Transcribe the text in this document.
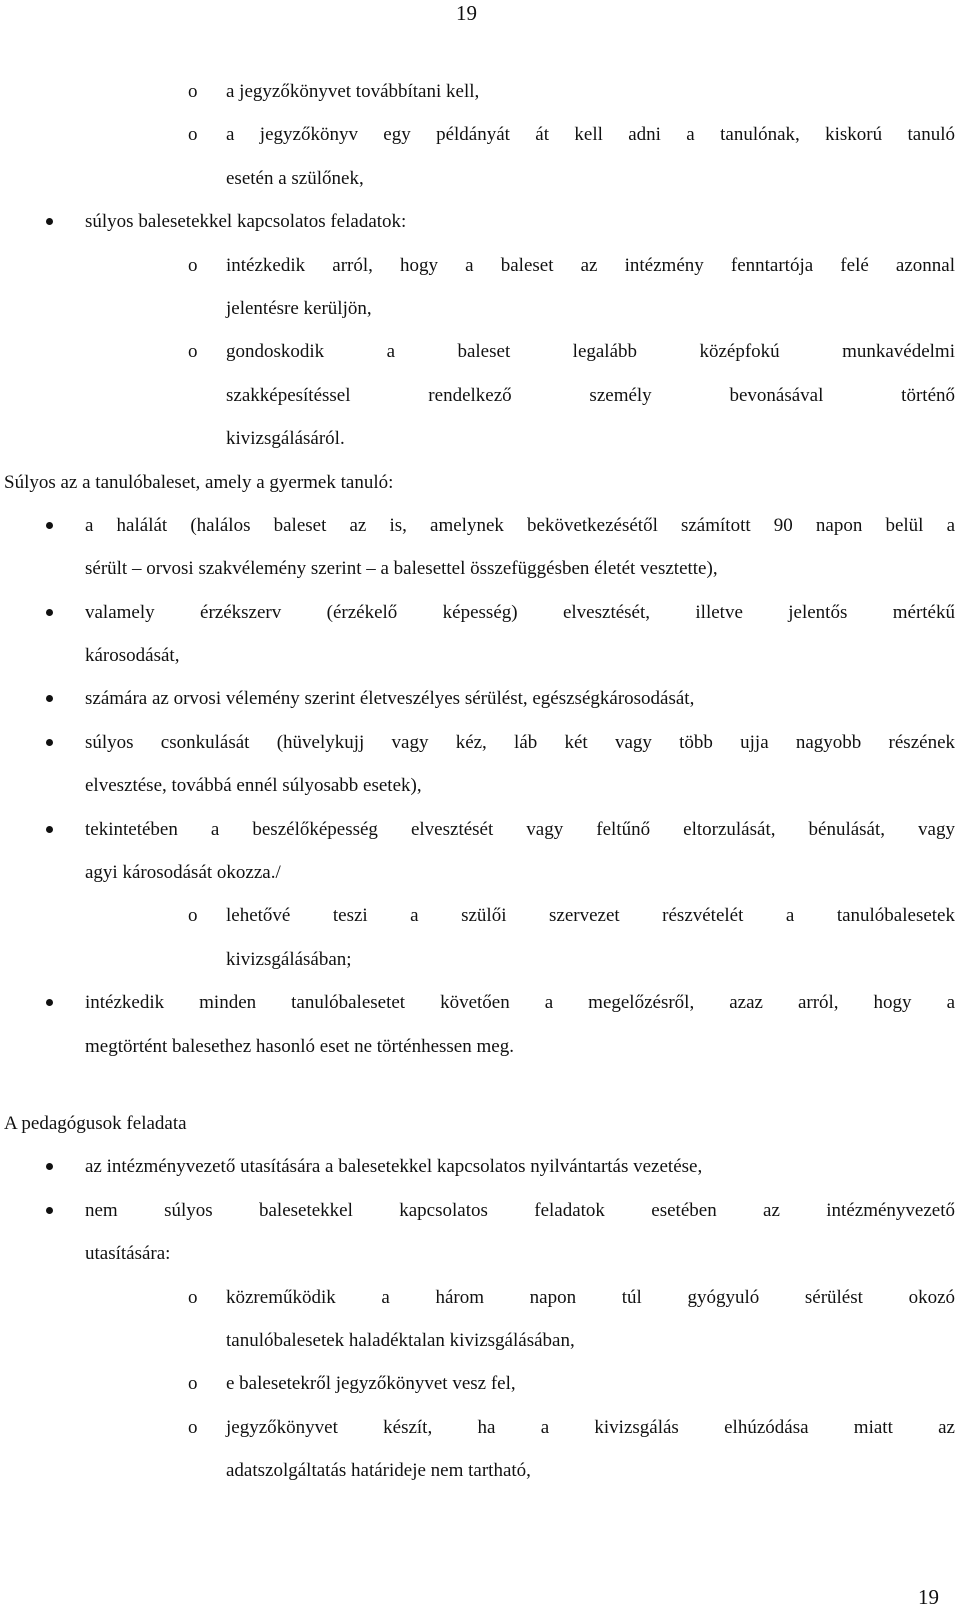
19
o a jegyzőkönyvet továbbítani kell,
o a jegyzőkönyv egy példányát át kell adni a tanulónak, kiskorú tanuló
esetén a szülőnek,
súlyos balesetekkel kapcsolatos feladatok:
o intézkedik arról, hogy a baleset az intézmény fenntartója felé azonnal
jelentésre kerüljön,
o gondoskodik a baleset legalább középfokú munkavédelmi
szakképesítéssel rendelkező személy bevonásával történő
kivizsgálásáról.
Súlyos az a tanulóbaleset, amely a gyermek tanuló:
a halálát (halálos baleset az is, amelynek bekövetkezésétől számított 90 napon belül a
sérült – orvosi szakvélemény szerint – a balesettel összefüggésben életét vesztette),
valamely érzékszerv (érzékelő képesség) elvesztését, illetve jelentős mértékű
károsodását,
számára az orvosi vélemény szerint életveszélyes sérülést, egészségkárosodását,
súlyos csonkulását (hüvelykujj vagy kéz, láb két vagy több ujja nagyobb részének
elvesztése, továbbá ennél súlyosabb esetek),
tekintetében a beszélőképesség elvesztését vagy feltűnő eltorzulását, bénulását, vagy
agyi károsodását okozza./
o lehetővé teszi a szülői szervezet részvételét a tanulóbalesetek
kivizsgálásában;
intézkedik minden tanulóbalesetet követően a megelőzésről, azaz arról, hogy a
megtörtént balesethez hasonló eset ne történhessen meg.
A pedagógusok feladata
az intézményvezető utasítására a balesetekkel kapcsolatos nyilvántartás vezetése,
nem súlyos balesetekkel kapcsolatos feladatok esetében az intézményvezető
utasítására:
o közreműködik a három napon túl gyógyuló sérülést okozó
tanulóbalesetek haladéktalan kivizsgálásában,
o e balesetekről jegyzőkönyvet vesz fel,
o jegyzőkönyvet készít, ha a kivizsgálás elhúzódása miatt az
adatszolgáltatás határideje nem tartható,
19
